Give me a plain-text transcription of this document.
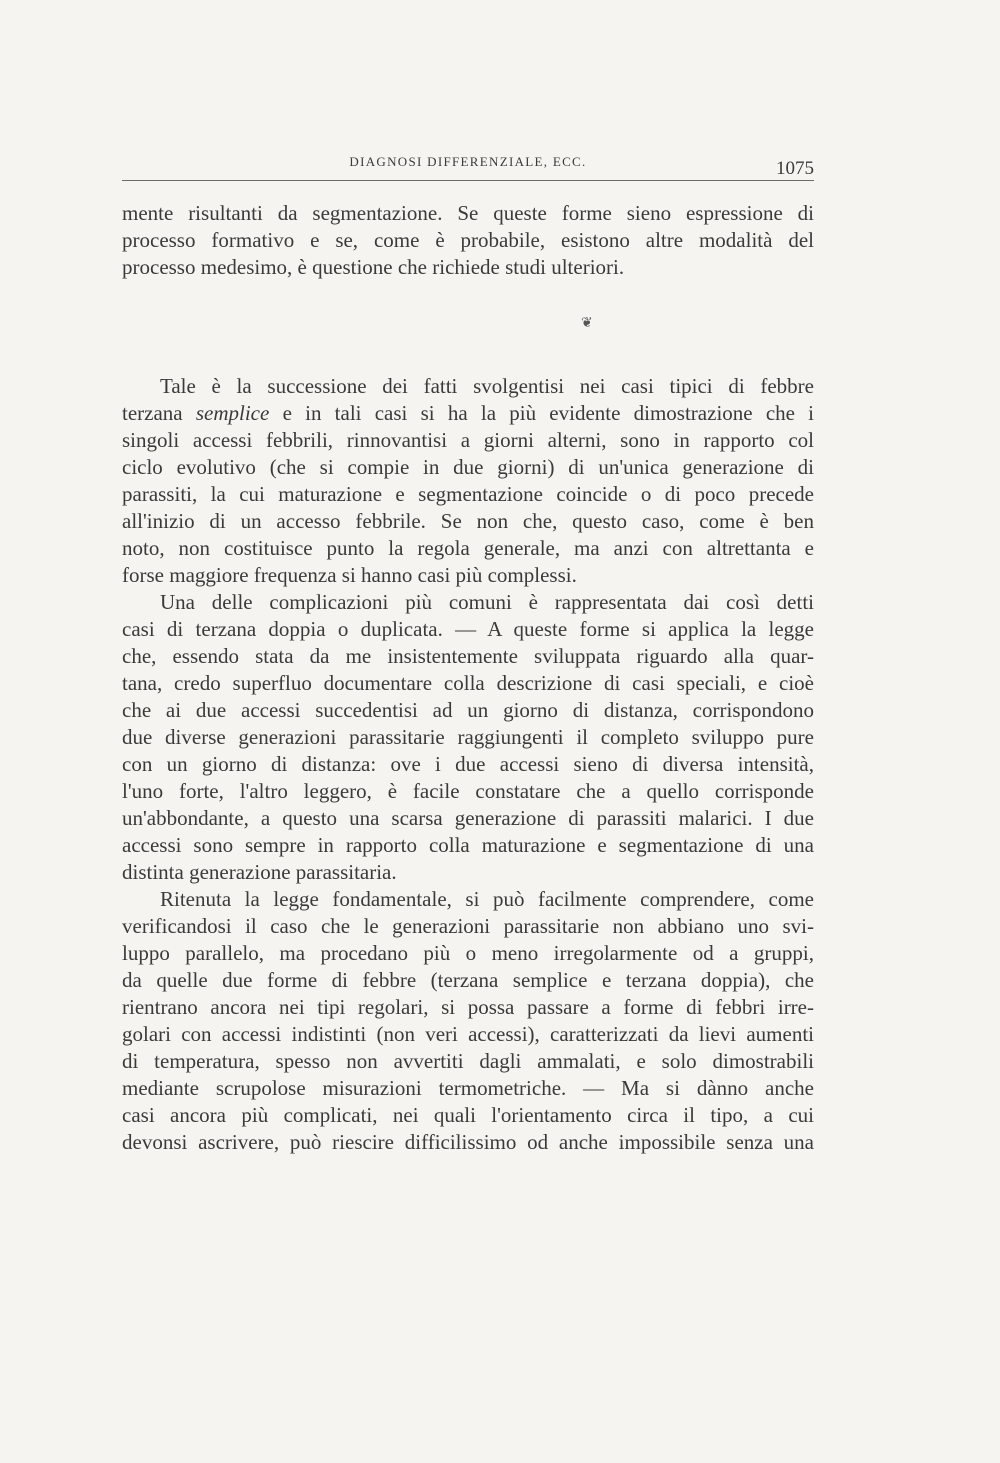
DIAGNOSI DIFFERENZIALE, ECC.	1075
mente risultanti da segmentazione. Se queste forme sieno espressione di
processo formativo e se, come è probabile, esistono altre modalità del
processo medesimo, è questione che richiede studi ulteriori.
❦
Tale è la successione dei fatti svolgentisi nei casi tipici di febbre
terzana semplice e in tali casi si ha la più evidente dimostrazione che i
singoli accessi febbrili, rinnovantisi a giorni alterni, sono in rapporto col
ciclo evolutivo (che si compie in due giorni) di un'unica generazione di
parassiti, la cui maturazione e segmentazione coincide o di poco precede
all'inizio di un accesso febbrile. Se non che, questo caso, come è ben
noto, non costituisce punto la regola generale, ma anzi con altrettanta e
forse maggiore frequenza si hanno casi più complessi.
Una delle complicazioni più comuni è rappresentata dai così detti
casi di terzana doppia o duplicata. — A queste forme si applica la legge
che, essendo stata da me insistentemente sviluppata riguardo alla quar-
tana, credo superfluo documentare colla descrizione di casi speciali, e cioè
che ai due accessi succedentisi ad un giorno di distanza, corrispondono
due diverse generazioni parassitarie raggiungenti il completo sviluppo pure
con un giorno di distanza: ove i due accessi sieno di diversa intensità,
l'uno forte, l'altro leggero, è facile constatare che a quello corrisponde
un'abbondante, a questo una scarsa generazione di parassiti malarici. I due
accessi sono sempre in rapporto colla maturazione e segmentazione di una
distinta generazione parassitaria.
Ritenuta la legge fondamentale, si può facilmente comprendere, come
verificandosi il caso che le generazioni parassitarie non abbiano uno svi-
luppo parallelo, ma procedano più o meno irregolarmente od a gruppi,
da quelle due forme di febbre (terzana semplice e terzana doppia), che
rientrano ancora nei tipi regolari, si possa passare a forme di febbri irre-
golari con accessi indistinti (non veri accessi), caratterizzati da lievi aumenti
di temperatura, spesso non avvertiti dagli ammalati, e solo dimostrabili
mediante scrupolose misurazioni termometriche. — Ma si dànno anche
casi ancora più complicati, nei quali l'orientamento circa il tipo, a cui
devonsi ascrivere, può riescire difficilissimo od anche impossibile senza una
